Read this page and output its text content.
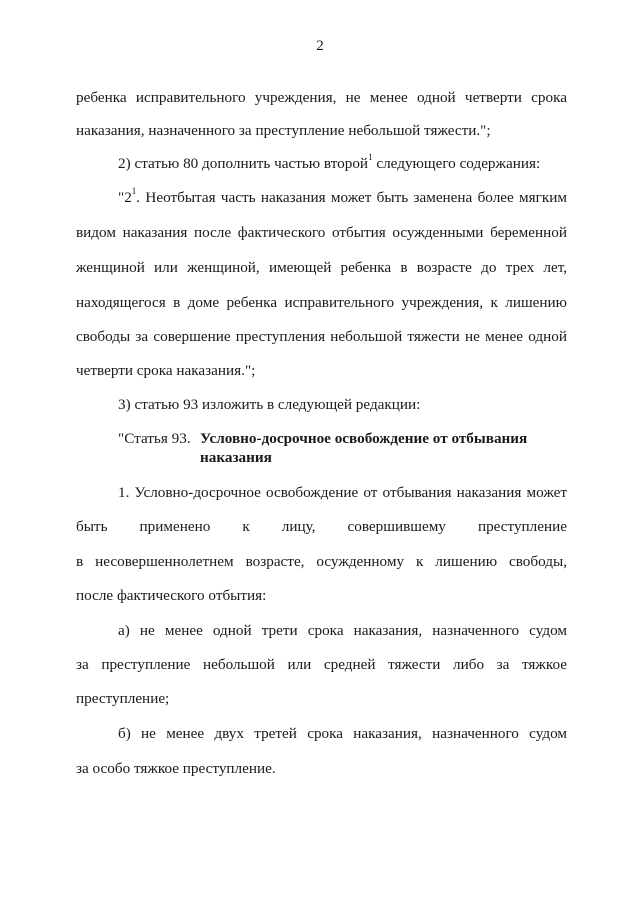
2
ребенка исправительного учреждения, не менее одной четверти срока
наказания, назначенного за преступление небольшой тяжести.";
2) статью 80 дополнить частью второй$^1$ следующего содержания:
"$2^1$. Неотбытая часть наказания может быть заменена более мягким
видом наказания после фактического отбытия осужденными беременной
женщиной или женщиной, имеющей ребенка в возрасте до трех лет,
находящегося в доме ребенка исправительного учреждения, к лишению
свободы за совершение преступления небольшой тяжести не менее одной
четверти срока наказания.";
3) статью 93 изложить в следующей редакции:
"Статья 93. Условно-досрочное освобождение от отбывания
наказания
1. Условно-досрочное освобождение от отбывания наказания может
быть применено к лицу, совершившему преступление
в несовершеннолетнем возрасте, осужденному к лишению свободы,
после фактического отбытия:
а) не менее одной трети срока наказания, назначенного судом
за преступление небольшой или средней тяжести либо за тяжкое
преступление;
б) не менее двух третей срока наказания, назначенного судом
за особо тяжкое преступление.
